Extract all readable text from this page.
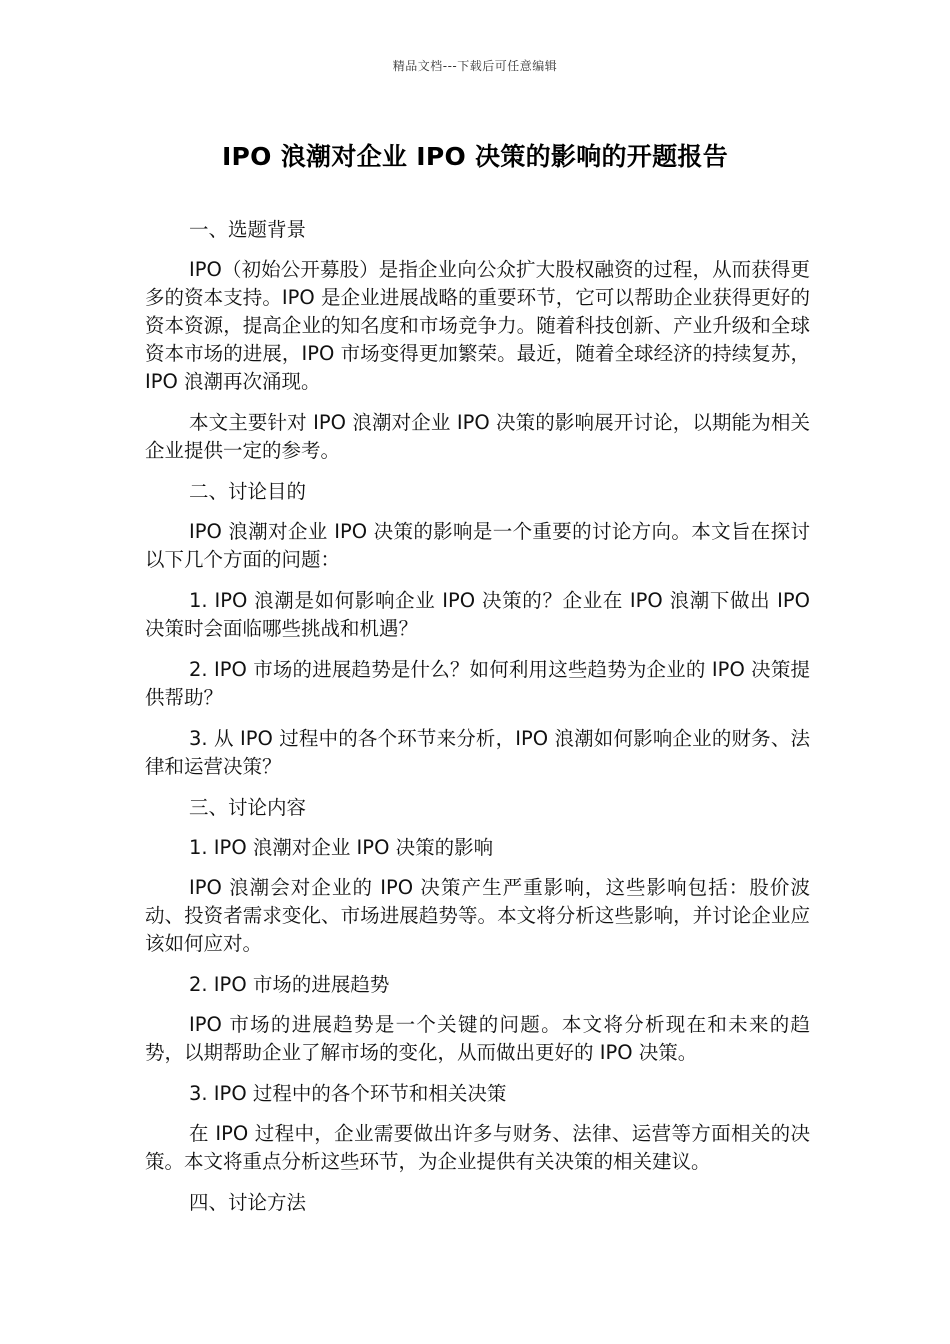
精品文档---下载后可任意编辑
IPO 浪潮对企业 IPO 决策的影响的开题报告

一、选题背景

IPO（初始公开募股）是指企业向公众扩大股权融资的过程，从而获得更多的资本支持。IPO 是企业进展战略的重要环节，它可以帮助企业获得更好的资本资源，提高企业的知名度和市场竞争力。随着科技创新、产业升级和全球资本市场的进展，IPO 市场变得更加繁荣。最近，随着全球经济的持续复苏，IPO 浪潮再次涌现。

本文主要针对 IPO 浪潮对企业 IPO 决策的影响展开讨论，以期能为相关企业提供一定的参考。

二、讨论目的

IPO 浪潮对企业 IPO 决策的影响是一个重要的讨论方向。本文旨在探讨以下几个方面的问题：

1. IPO 浪潮是如何影响企业 IPO 决策的？企业在 IPO 浪潮下做出 IPO 决策时会面临哪些挑战和机遇？

2. IPO 市场的进展趋势是什么？如何利用这些趋势为企业的 IPO 决策提供帮助？

3. 从 IPO 过程中的各个环节来分析，IPO 浪潮如何影响企业的财务、法律和运营决策？

三、讨论内容

1. IPO 浪潮对企业 IPO 决策的影响

IPO 浪潮会对企业的 IPO 决策产生严重影响，这些影响包括：股价波动、投资者需求变化、市场进展趋势等。本文将分析这些影响，并讨论企业应该如何应对。

2. IPO 市场的进展趋势

IPO 市场的进展趋势是一个关键的问题。本文将分析现在和未来的趋势，以期帮助企业了解市场的变化，从而做出更好的 IPO 决策。

3. IPO 过程中的各个环节和相关决策

在 IPO 过程中，企业需要做出许多与财务、法律、运营等方面相关的决策。本文将重点分析这些环节，为企业提供有关决策的相关建议。

四、讨论方法
